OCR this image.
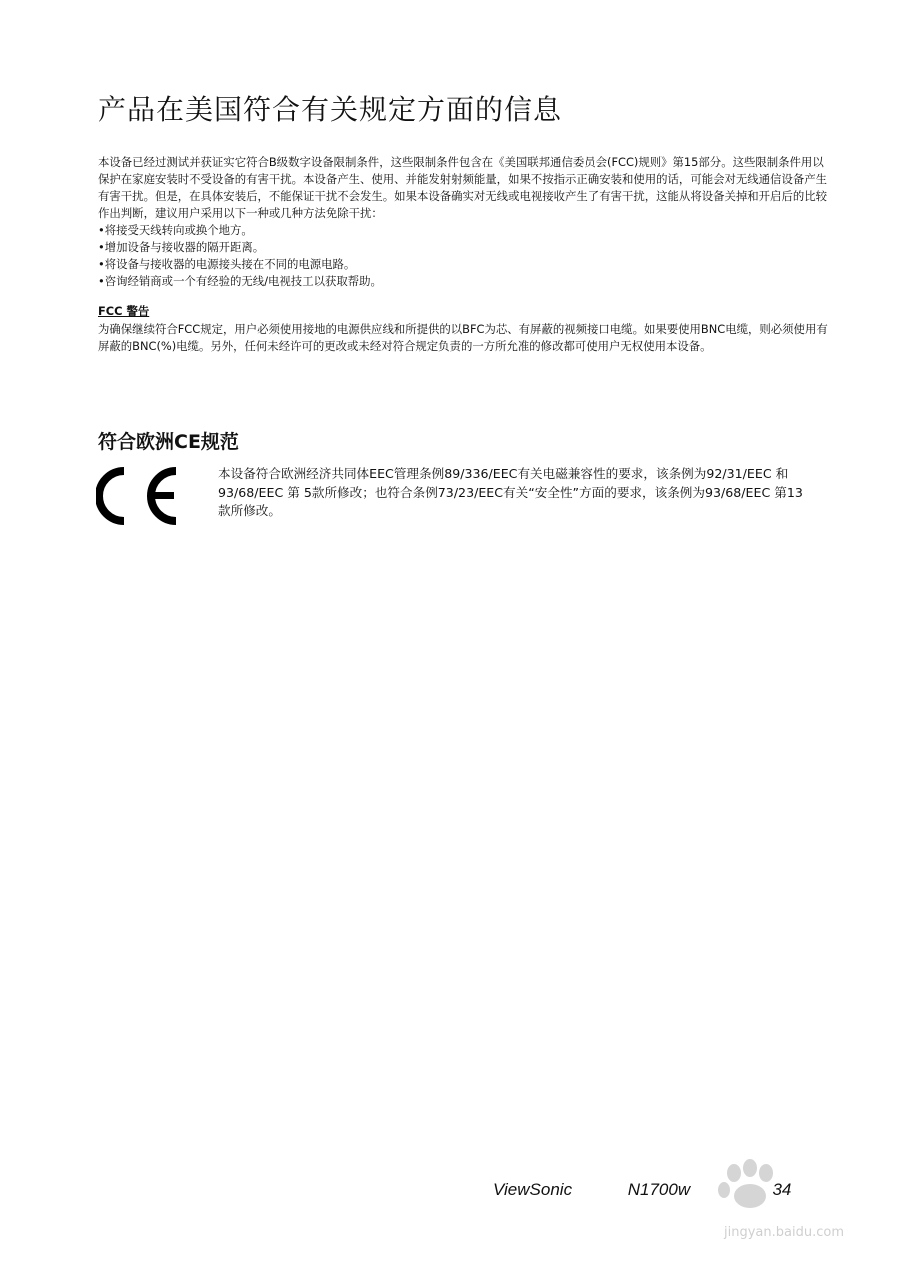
产品在美国符合有关规定方面的信息

本设备已经过测试并获证实它符合B级数字设备限制条件，这些限制条件包含在《美国联邦通信委员会(FCC)规则》第15部分。这些限制条件用以保护在家庭安装时不受设备的有害干扰。本设备产生、使用、并能发射射频能量，如果不按指示正确安装和使用的话，可能会对无线通信设备产生有害干扰。但是，在具体安装后，不能保证干扰不会发生。如果本设备确实对无线或电视接收产生了有害干扰，这能从将设备关掉和开启后的比较作出判断，建议用户采用以下一种或几种方法免除干扰：

•将接受天线转向或换个地方。
•增加设备与接收器的隔开距离。
•将设备与接收器的电源接头接在不同的电源电路。
•咨询经销商或一个有经验的无线/电视技工以获取帮助。
FCC 警告

为确保继续符合FCC规定，用户必须使用接地的电源供应线和所提供的以BFC为芯、有屏蔽的视频接口电缆。如果要使用BNC电缆，则必须使用有屏蔽的BNC(%)电缆。另外，任何未经许可的更改或未经对符合规定负责的一方所允准的修改都可使用户无权使用本设备。

符合欧洲CE规范

本设备符合欧洲经济共同体EEC管理条例89/336/EEC有关电磁兼容性的要求，该条例为92/31/EEC 和93/68/EEC 第 5款所修改；也符合条例73/23/EEC有关“安全性”方面的要求，该条例为93/68/EEC 第13 款所修改。

ViewSonic	N1700w	34
jingyan.baidu.com
